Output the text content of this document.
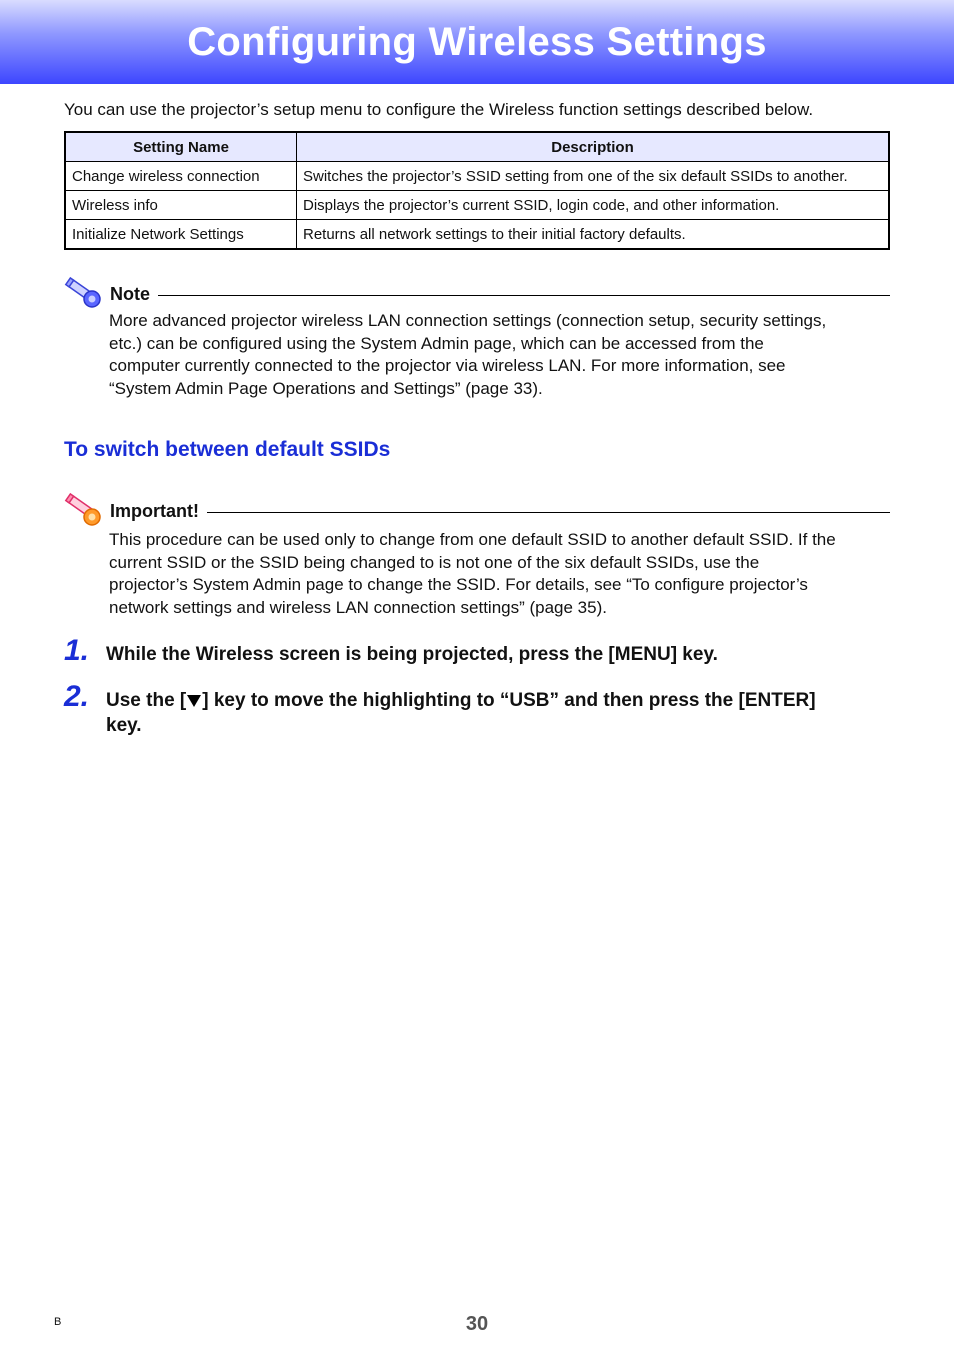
Configuring Wireless Settings
You can use the projector’s setup menu to configure the Wireless function settings described below.
Setting Name	Description
Change wireless connection	Switches the projector’s SSID setting from one of the six default SSIDs to another.
Wireless info	Displays the projector’s current SSID, login code, and other information.
Initialize Network Settings	Returns all network settings to their initial factory defaults.
Note
More advanced projector wireless LAN connection settings (connection setup, security settings,
etc.) can be configured using the System Admin page, which can be accessed from the
computer currently connected to the projector via wireless LAN. For more information, see
“System Admin Page Operations and Settings” (page 33).
To switch between default SSIDs
Important!
This procedure can be used only to change from one default SSID to another default SSID. If the
current SSID or the SSID being changed to is not one of the six default SSIDs, use the
projector’s System Admin page to change the SSID. For details, see “To configure projector’s
network settings and wireless LAN connection settings” (page 35).
1. While the Wireless screen is being projected, press the [MENU] key.
2. Use the [ ] key to move the highlighting to “USB” and then press the [ENTER]
key.
B	30
